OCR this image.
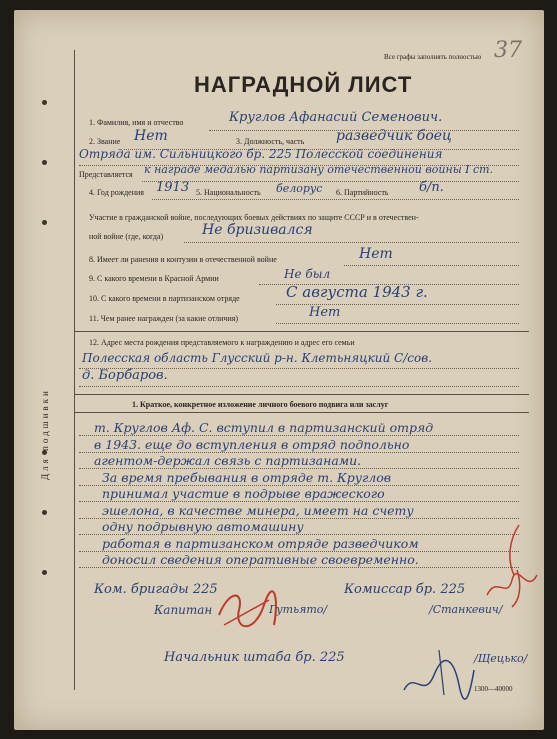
Для подшивки
Все графы заполнять полностью 37
НАГРАДНОЙ ЛИСТ
1. Фамилия, имя и отчество	Круглов Афанасий Семенович.
2. Звание Нет	3. Должность, часть разведчик боец
Отряда им. Сильницкого бр. 225 Полесской соединения
Представляется к награде медалью партизану отечественной войны I ст.
4. Год рождения 1913 5. Национальность белорус 6. Партийность б/п.
Участие в гражданской войне, последующих боевых действиях по защите СССР и в отечествен-
ной войне (где, когда)	Не бризивался
8. Имеет ли ранения и контузии в отечественной войне	Нет
9. С какого времени в Красной Армии	Не был
10. С какого времени в партизанском отряде	С августа 1943 г.
11. Чем ранее награжден (за какие отличия)	Нет
12. Адрес места рождения представляемого к награждению и адрес его семьи
Полесская область Глусский р-н. Клетьняцкий С/сов.
д. Борбаров.
1. Краткое, конкретное изложение личного боевого подвига или заслуг
Ком. бригады 225
Капитан	Гутьято/
Комиссар бр. 225
/Станкевич/
Начальник штаба бр. 225	/Щецько/
1300—40000
т. Круглов Аф. С. вступил в партизанский отряд
в 1943. еще до вступления в отряд подпольно
агентом-держал связь с партизанами.
За время пребывания в отряде т. Круглов
принимал участие в подрыве вражеского
эшелона, в качестве минера, имеет на счету
одну подрывную автомашину
работая в партизанском отряде разведчиком
доносил сведения оперативные своевременно.
